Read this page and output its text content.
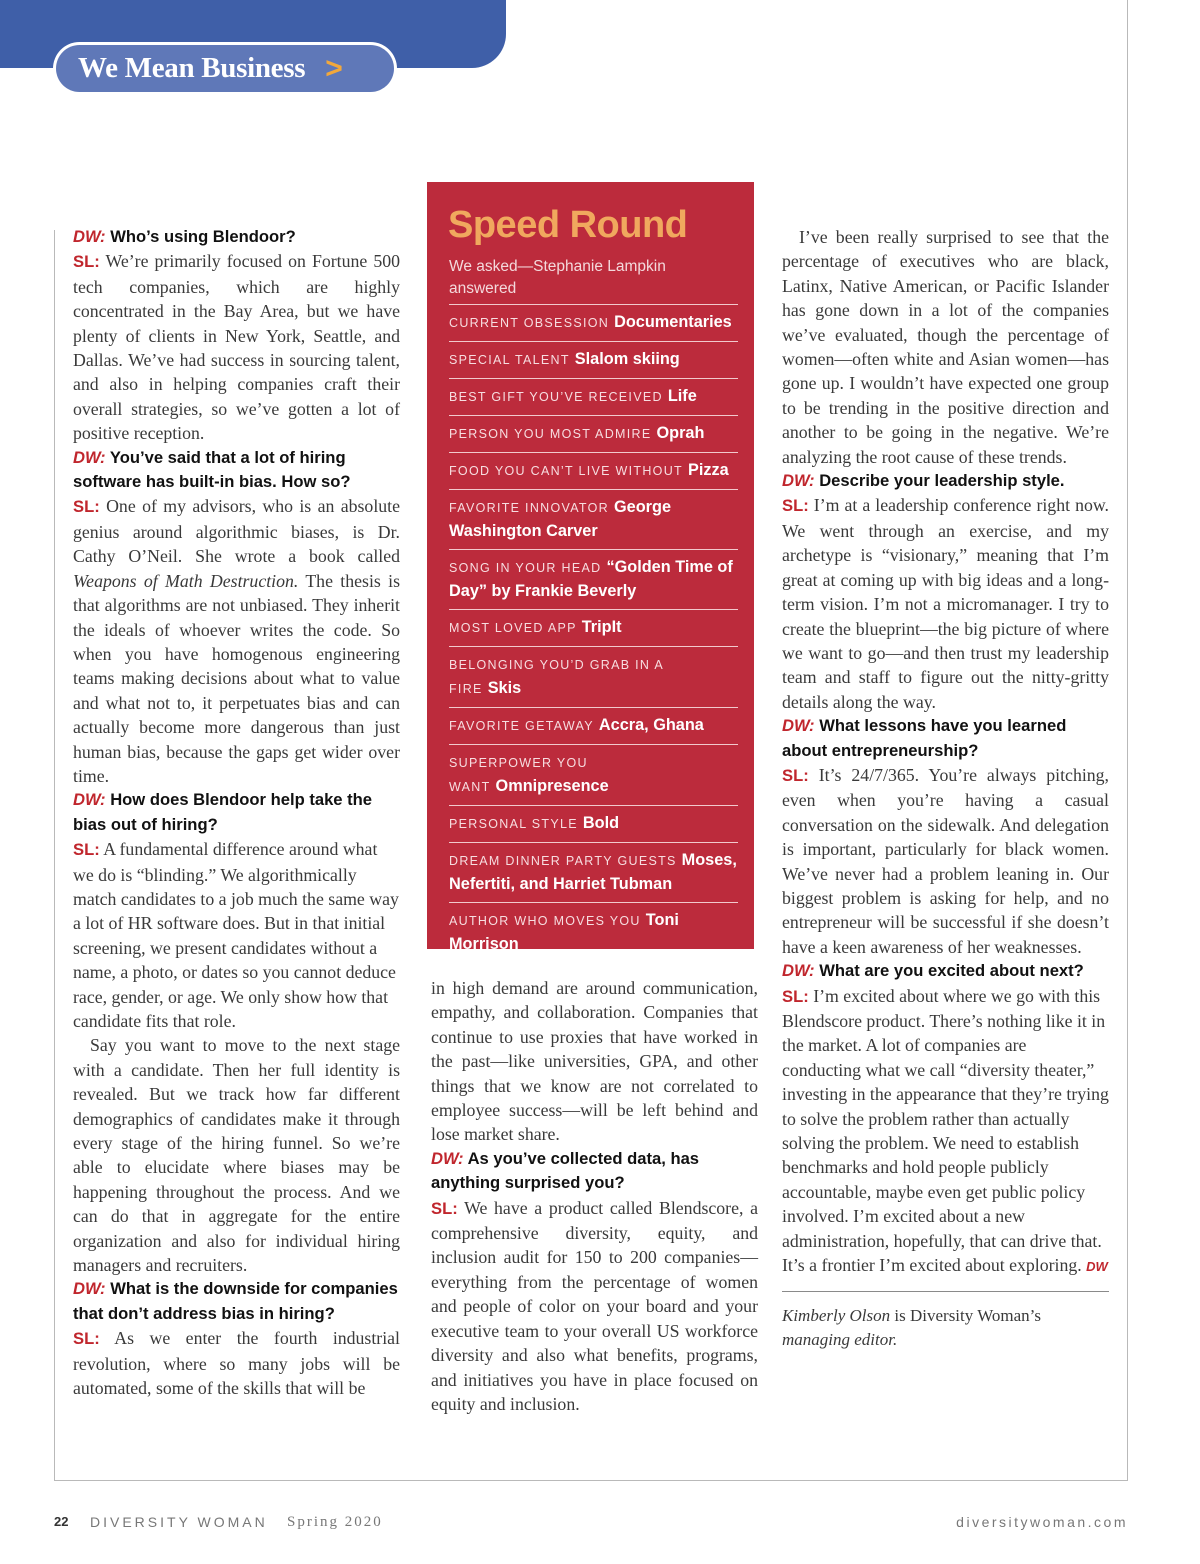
We Mean Business >

DW: Who’s using Blendoor?

SL: We’re primarily focused on Fortune 500 tech companies, which are highly concentrated in the Bay Area, but we have plenty of clients in New York, Seattle, and Dallas. We’ve had success in sourcing talent, and also in helping companies craft their overall strategies, so we’ve gotten a lot of positive reception.

DW: You’ve said that a lot of hiring software has built-in bias. How so?

SL: One of my advisors, who is an absolute genius around algorithmic biases, is Dr. Cathy O’Neil. She wrote a book called Weapons of Math Destruction. The thesis is that algorithms are not unbiased. They inherit the ideals of whoever writes the code. So when you have homogenous engineering teams making decisions about what to value and what not to, it perpetuates bias and can actually become more dangerous than just human bias, because the gaps get wider over time.

DW: How does Blendoor help take the bias out of hiring?

SL: A fundamental difference around what we do is “blinding.” We algorithmically match candidates to a job much the same way a lot of HR software does. But in that initial screening, we present candidates without a name, a photo, or dates so you cannot deduce race, gender, or age. We only show how that candidate fits that role.

Say you want to move to the next stage with a candidate. Then her full identity is revealed. But we track how far different demographics of candidates make it through every stage of the hiring funnel. So we’re able to elucidate where biases may be happening throughout the process. And we can do that in aggregate for the entire organization and also for individual hiring managers and recruiters.

DW: What is the downside for companies that don’t address bias in hiring?

SL: As we enter the fourth industrial revolution, where so many jobs will be automated, some of the skills that will be

Speed Round
We asked—Stephanie Lampkin answered
CURRENT OBSESSION Documentaries
SPECIAL TALENT Slalom skiing
BEST GIFT YOU’VE RECEIVED Life
PERSON YOU MOST ADMIRE Oprah
FOOD YOU CAN’T LIVE WITHOUT Pizza
FAVORITE INNOVATOR George Washington Carver
SONG IN YOUR HEAD “Golden Time of Day” by Frankie Beverly
MOST LOVED APP TripIt
BELONGING YOU’D GRAB IN A FIRE Skis
FAVORITE GETAWAY Accra, Ghana
SUPERPOWER YOU WANT Omnipresence
PERSONAL STYLE Bold
DREAM DINNER PARTY GUESTS Moses, Nefertiti, and Harriet Tubman
AUTHOR WHO MOVES YOU Toni Morrison

in high demand are around communication, empathy, and collaboration. Companies that continue to use proxies that have worked in the past—like universities, GPA, and other things that we know are not correlated to employee success—will be left behind and lose market share.

DW: As you’ve collected data, has anything surprised you?

SL: We have a product called Blendscore, a comprehensive diversity, equity, and inclusion audit for 150 to 200 companies—everything from the percentage of women and people of color on your board and your executive team to your overall US workforce diversity and also what benefits, programs, and initiatives you have in place focused on equity and inclusion.

I’ve been really surprised to see that the percentage of executives who are black, Latinx, Native American, or Pacific Islander has gone down in a lot of the companies we’ve evaluated, though the percentage of women—often white and Asian women—has gone up. I wouldn’t have expected one group to be trending in the positive direction and another to be going in the negative. We’re analyzing the root cause of these trends.

DW: Describe your leadership style.

SL: I’m at a leadership conference right now. We went through an exercise, and my archetype is “visionary,” meaning that I’m great at coming up with big ideas and a long-term vision. I’m not a micromanager. I try to create the blueprint—the big picture of where we want to go—and then trust my leadership team and staff to figure out the nitty-gritty details along the way.

DW: What lessons have you learned about entrepreneurship?

SL: It’s 24/7/365. You’re always pitching, even when you’re having a casual conversation on the sidewalk. And delegation is important, particularly for black women. We’ve never had a problem leaning in. Our biggest problem is asking for help, and no entrepreneur will be successful if she doesn’t have a keen awareness of her weaknesses.

DW: What are you excited about next?

SL: I’m excited about where we go with this Blendscore product. There’s nothing like it in the market. A lot of companies are conducting what we call “diversity theater,” investing in the appearance that they’re trying to solve the problem rather than actually solving the problem. We need to establish benchmarks and hold people publicly accountable, maybe even get public policy involved. I’m excited about a new administration, hopefully, that can drive that. It’s a frontier I’m excited about exploring. DW

Kimberly Olson is Diversity Woman’s managing editor.

22 DIVERSITY WOMAN Spring 2020	diversitywoman.com
